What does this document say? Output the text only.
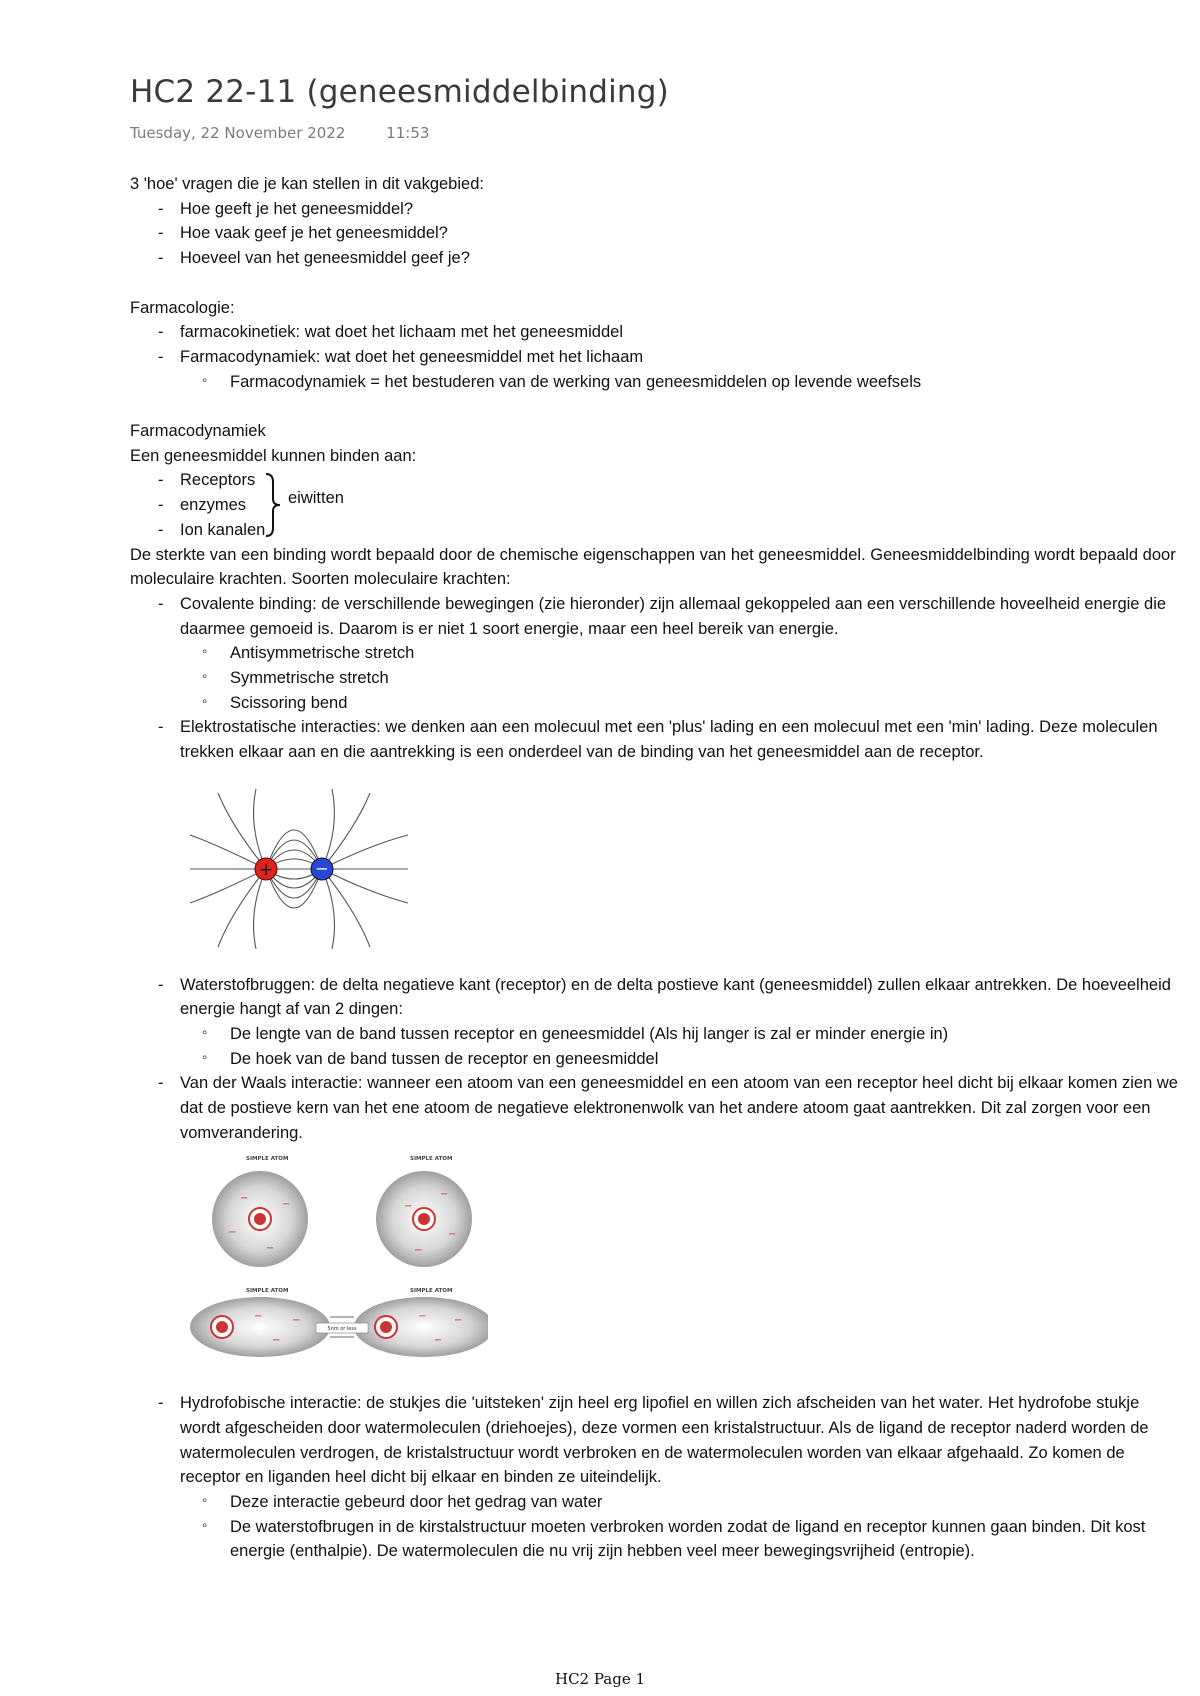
HC2 22-11 (geneesmiddelbinding)
Tuesday, 22 November 2022	11:53
3 'hoe' vragen die je kan stellen in dit vakgebied:
- Hoe geeft je het geneesmiddel?
- Hoe vaak geef je het geneesmiddel?
- Hoeveel van het geneesmiddel geef je?
Farmacologie:
- farmacokinetiek: wat doet het lichaam met het geneesmiddel
- Farmacodynamiek: wat doet het geneesmiddel met het lichaam
◦ Farmacodynamiek = het bestuderen van de werking van geneesmiddelen op levende weefsels
Farmacodynamiek
Een geneesmiddel kunnen binden aan:
- Receptors
- enzymes
- Ion kanalen
eiwitten
De sterkte van een binding wordt bepaald door de chemische eigenschappen van het geneesmiddel. Geneesmiddelbinding wordt bepaald door moleculaire krachten. Soorten moleculaire krachten:
- Covalente binding: de verschillende bewegingen (zie hieronder) zijn allemaal gekoppeled aan een verschillende hoveelheid energie die daarmee gemoeid is. Daarom is er niet 1 soort energie, maar een heel bereik van energie.
◦ Antisymmetrische stretch
◦ Symmetrische stretch
◦ Scissoring bend
- Elektrostatische interacties: we denken aan een molecuul met een 'plus' lading en een molecuul met een 'min' lading. Deze moleculen trekken elkaar aan en die aantrekking is een onderdeel van de binding van het geneesmiddel aan de receptor.
+	−
- Waterstofbruggen: de delta negatieve kant (receptor) en de delta postieve kant (geneesmiddel) zullen elkaar antrekken. De hoeveelheid energie hangt af van 2 dingen:
◦ De lengte van de band tussen receptor en geneesmiddel (Als hij langer is zal er minder energie in)
◦ De hoek van de band tussen de receptor en geneesmiddel
- Van der Waals interactie: wanneer een atoom van een geneesmiddel en een atoom van een receptor heel dicht bij elkaar komen zien we dat de postieve kern van het ene atoom de negatieve elektronenwolk van het andere atoom gaat aantrekken. Dit zal zorgen voor een vomverandering.
SIMPLE ATOM	SIMPLE ATOM
−
−
−
−
−
−
−
−
SIMPLE ATOM	SIMPLE ATOM
−	−
−
−	−
−
5nm or less
- Hydrofobische interactie: de stukjes die 'uitsteken' zijn heel erg lipofiel en willen zich afscheiden van het water. Het hydrofobe stukje wordt afgescheiden door watermoleculen (driehoejes), deze vormen een kristalstructuur. Als de ligand de receptor naderd worden de watermoleculen verdrogen, de kristalstructuur wordt verbroken en de watermoleculen worden van elkaar afgehaald. Zo komen de receptor en liganden heel dicht bij elkaar en binden ze uiteindelijk.
◦ Deze interactie gebeurd door het gedrag van water
◦ De waterstofbrugen in de kirstalstructuur moeten verbroken worden zodat de ligand en receptor kunnen gaan binden. Dit kost energie (enthalpie). De watermoleculen die nu vrij zijn hebben veel meer bewegingsvrijheid (entropie).
HC2 Page 1
